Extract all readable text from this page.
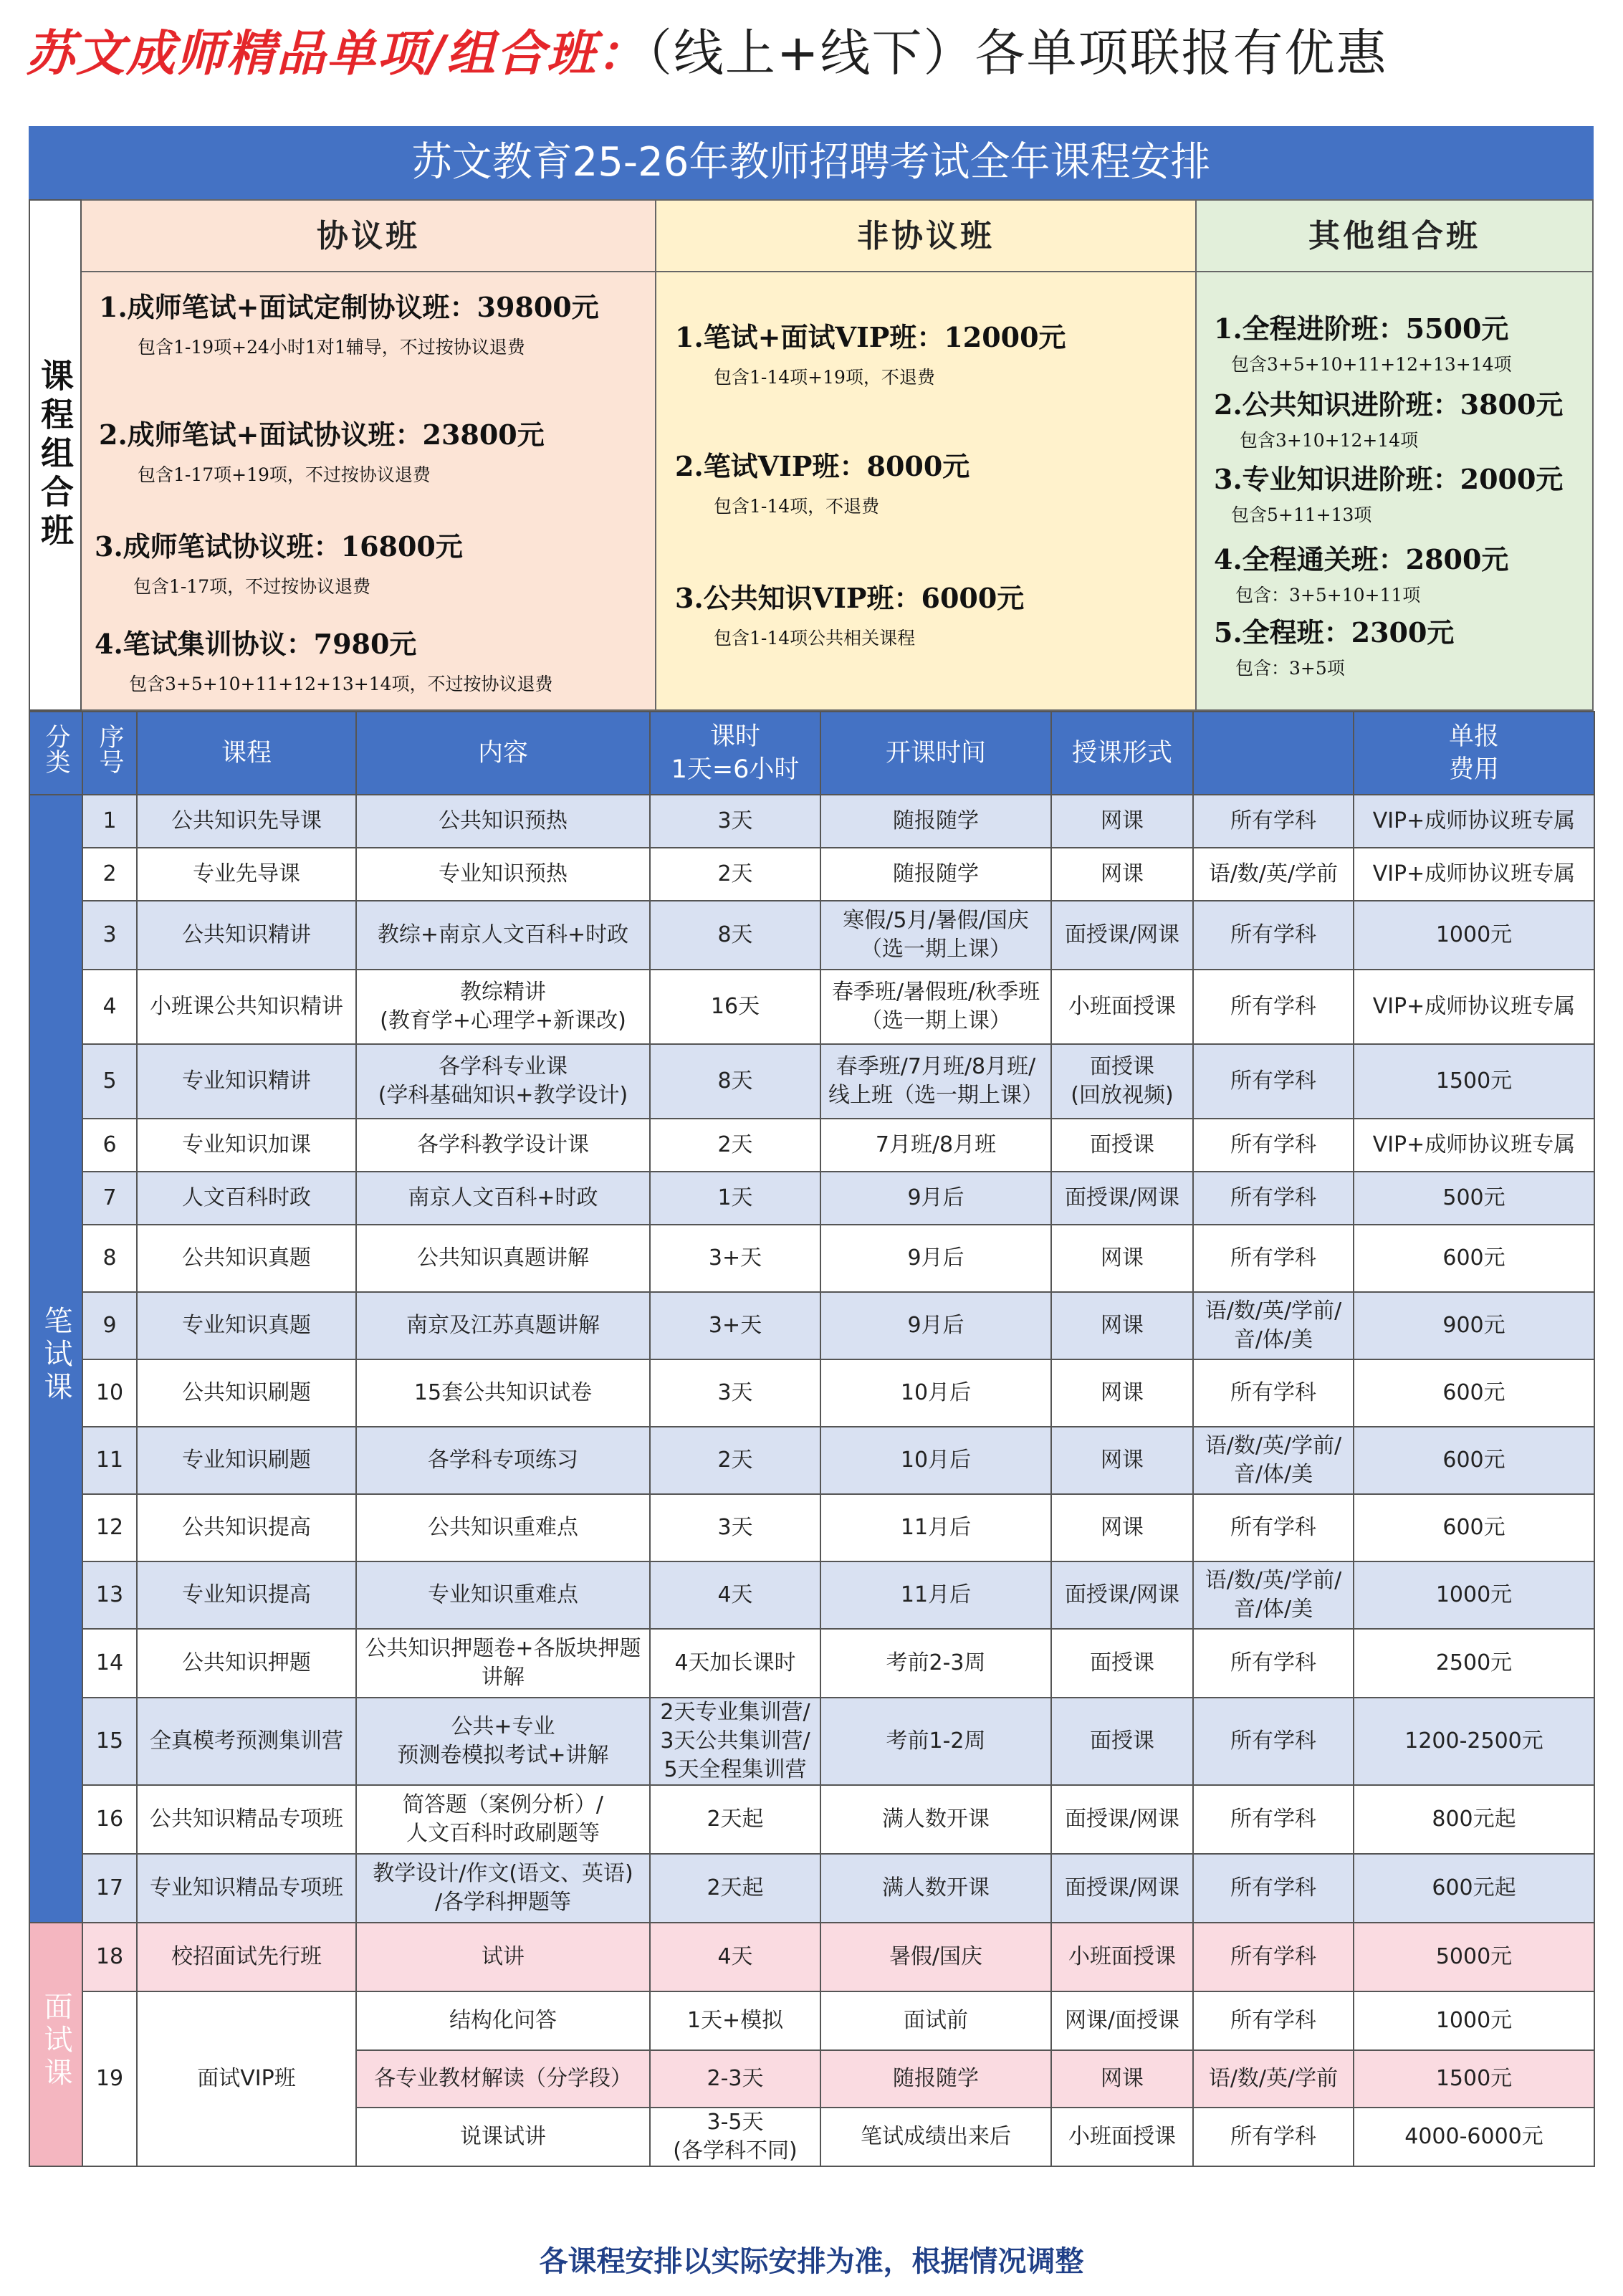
苏文成师精品单项/组合班：（线上+线下）各单项联报有优惠
苏文教育25-26年教师招聘考试全年课程安排
课程组合班
协议班
1.成师笔试+面试定制协议班：39800元
包含1-19项+24小时1对1辅导，不过按协议退费
2.成师笔试+面试协议班：23800元
包含1-17项+19项，不过按协议退费
3.成师笔试协议班：16800元
包含1-17项，不过按协议退费
4.笔试集训协议：7980元
包含3+5+10+11+12+13+14项，不过按协议退费
非协议班
1.笔试+面试VIP班：12000元
包含1-14项+19项，不退费
2.笔试VIP班：8000元
包含1-14项，不退费
3.公共知识VIP班：6000元
包含1-14项公共相关课程
其他组合班
1.全程进阶班：5500元
包含3+5+10+11+12+13+14项
2.公共知识进阶班：3800元
包含3+10+12+14项
3.专业知识进阶班：2000元
包含5+11+13项
4.全程通关班：2800元
包含：3+5+10+11项
5.全程班：2300元
包含：3+5项
分类	序号	课程	内容	课时
1天=6小时	开课时间	授课形式		单报
费用
笔试课	1	公共知识先导课	公共知识预热	3天	随报随学	网课	所有学科	VIP+成师协议班专属
	2	专业先导课	专业知识预热	2天	随报随学	网课	语/数/英/学前	VIP+成师协议班专属
	3	公共知识精讲	教综+南京人文百科+时政	8天	寒假/5月/暑假/国庆
（选一期上课）	面授课/网课	所有学科	1000元
	4	小班课公共知识精讲	教综精讲
(教育学+心理学+新课改)	16天	春季班/暑假班/秋季班
（选一期上课）	小班面授课	所有学科	VIP+成师协议班专属
	5	专业知识精讲	各学科专业课
(学科基础知识+教学设计)	8天	春季班/7月班/8月班/
线上班（选一期上课）	面授课
(回放视频)	所有学科	1500元
	6	专业知识加课	各学科教学设计课	2天	7月班/8月班	面授课	所有学科	VIP+成师协议班专属
	7	人文百科时政	南京人文百科+时政	1天	9月后	面授课/网课	所有学科	500元
	8	公共知识真题	公共知识真题讲解	3+天	9月后	网课	所有学科	600元
	9	专业知识真题	南京及江苏真题讲解	3+天	9月后	网课	语/数/英/学前/
音/体/美	900元
	10	公共知识刷题	15套公共知识试卷	3天	10月后	网课	所有学科	600元
	11	专业知识刷题	各学科专项练习	2天	10月后	网课	语/数/英/学前/
音/体/美	600元
	12	公共知识提高	公共知识重难点	3天	11月后	网课	所有学科	600元
	13	专业知识提高	专业知识重难点	4天	11月后	面授课/网课	语/数/英/学前/
音/体/美	1000元
	14	公共知识押题	公共知识押题卷+各版块押题
讲解	4天加长课时	考前2-3周	面授课	所有学科	2500元
	15	全真模考预测集训营	公共+专业
预测卷模拟考试+讲解	2天专业集训营/
3天公共集训营/
5天全程集训营	考前1-2周	面授课	所有学科	1200-2500元
	16	公共知识精品专项班	简答题（案例分析）/
人文百科时政刷题等	2天起	满人数开课	面授课/网课	所有学科	800元起
	17	专业知识精品专项班	教学设计/作文(语文、英语)
/各学科押题等	2天起	满人数开课	面授课/网课	所有学科	600元起
面试课	18	校招面试先行班	试讲	4天	暑假/国庆	小班面授课	所有学科	5000元
	19	面试VIP班	结构化问答	1天+模拟	面试前	网课/面授课	所有学科	1000元
			各专业教材解读（分学段）	2-3天	随报随学	网课	语/数/英/学前	1500元
			说课试讲	3-5天
(各学科不同)	笔试成绩出来后	小班面授课	所有学科	4000-6000元
各课程安排以实际安排为准，根据情况调整
